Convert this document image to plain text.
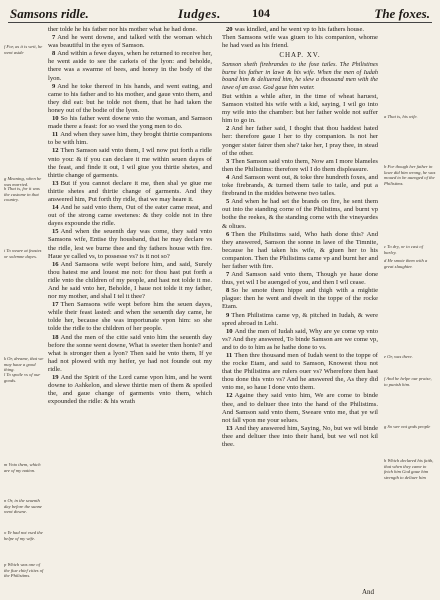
Samsons ridle.	Iudges.	104	The foxes.
f For, as it is writ, he went aside
g Meaning, when he was married.
h That is, for it was the custome in that country.
i To weare at feastes or solemne dayes.
k Or, dreame, that we may haue a good thing.
l To spoile vs of our goods.
m Vnto them, which are of my nation.
n Or, in the seuenth day before the sunne went downe.
o Ye had not vsed the helpe of my wife.
p Which was one of the fiue chief cities of the Philistims.
ther tolde he his father nor his mother what he had done.
7 And he went downe, and talked with the woman which was beautiful in the eyes of Samson.
8 And within a fewe dayes, when he returned to receive her, he went aside to see the carkeis of the lyon: and beholde, there was a swarme of bees, and honey in the body of the lyon.
9 And he toke thereof in his hands, and went eating, and came to his father and to his mother, and gaue vnto them, and they did eat: but he tolde not them, that he had taken the honey out of the bodie of the lyon.
10 So his father went downe vnto the woman, and Samson made there a feast: for so vsed the yong men to do.
11 And when they sawe him, they broght thirtie companions to be with him.
12 Then Samson said vnto them, I wil now put forth a ridle vnto you: & if you can declare it me within seuen dayes of the feast, and finde it out, I wil giue you thirtie shetes, and thirtie change of garments.
13 But if you cannot declare it me, then shal ye giue me thirtie shetes and thirtie change of garments. And they answered him, Put forth thy ridle, that we may heare it.
14 And he said vnto them, Out of the eater came meat, and out of the strong came swetenes: & they colde not in thre dayes expounde the ridle.
15 And when the seuenth day was come, they said vnto Samsons wife, Entise thy housband, that he may declare vs the ridle, lest we burne thee and thy fathers house with fire. Haue ye called vs, to possesse vs? is it not so?
16 And Samsons wife wept before him, and said, Surely thou hatest me and louest me not: for thou hast put forth a ridle vnto the children of my people, and hast not tolde it me. And he said vnto her, Beholde, I haue not tolde it my father, nor my mother, and shal I tel it thee?
17 Then Samsons wife wept before him the seuen dayes, while their feast lasted: and when the seuenth day came, he tolde her, because she was importunate vpon him: so she tolde the ridle to the children of her people.
18 And the men of the citie said vnto him the seuenth day before the sonne went downe, What is sweter then honie? and what is stronger then a lyon? Then said he vnto them, If ye had not plowed with my heifer, ye had not founde out my ridle.
19 And the Spirit of the Lord came vpon him, and he went downe to Ashkelon, and slewe thirtie men of them & spoiled the, and gaue change of garments vnto them, which expounded the ridle: & his wrath
20 was kindled, and he went vp to his fathers house.
Then Samsons wife was giuen to his companion, whome he had vsed as his friend.
CHAP. XV.
Samson sheth firebrandes to the foxe tailes. The Philistines burne his father in lawe & his wife. When the men of Iudah bound him & deliuered him, he slew a thousand men with the iawe of an asse. God gaue him water.
But within a while after, in the time of wheat haruest, Samson visited his wife with a kid, saying, I wil go into my wife into the chamber: but her father wolde not suffer him to go in.
2 And her father said, I thoght that thou haddest hated her: therefore gaue I her to thy companion. Is not her yonger sister fairer then she? take her, I pray thee, in stead of the other.
3 Then Samson said vnto them, Now am I more blameles then the Philistims: therefore wil I do them displeasure.
4 And Samson went out, & toke thre hundreth foxes, and toke firebrands, & turned them taile to taile, and put a firebrand in the middes betwene two tailes.
5 And when he had set the brands on fire, he sent them out into the standing corne of the Philistims, and burnt vp bothe the reekes, & the standing corne with the vineyardes & oliues.
6 Then the Philistims said, Who hath done this? And they answered, Samson the sonne in lawe of the Timnite, because he had taken his wife, & giuen her to his companion. Then the Philistims came vp and burnt her and her father with fire.
7 And Samson said vnto them, Though ye haue done thus, yet wil I be auenged of you, and then I wil cease.
8 So he smote them hippe and thigh with a mightie plague: then he went and dwelt in the toppe of the rocke Etam.
9 Then Philistims came vp, & pitched in Iudah, & were spred abroad in Lehi.
10 And the men of Iudah said, Why are ye come vp vnto vs? And they answered, To binde Samson are we come vp, and to do to him as he hathe done to vs.
11 Then thre thousand men of Iudah went to the toppe of the rocke Etam, and said to Samson, Knowest thou not that the Philistims are rulers ouer vs? Wherefore then hast thou done this vnto vs? And he answered the, As they did vnto me, so haue I done vnto them.
12 Againe they said vnto him, We are come to binde thee, and to deliuer thee into the hand of the Philistims. And Samson said vnto them, Sweare vnto me, that ye wil not fall vpon me your selues.
13 And they answered him, Saying, No, but we wil binde thee and deliuer thee into their hand, but we wil not kil thee.
a That is, his wife.
b For though her father in lawe did him wrong, he was moued to be auenged of the Philistims.
c To dry, or to cast of barley.
d He smote them with a great slaughter.
e Or, was there.
f And he helpe our praise, to punish him.
g So wer not gods people
h Which declared his faith, that when they came to fetch him God gaue him strength to deliuer him
And
